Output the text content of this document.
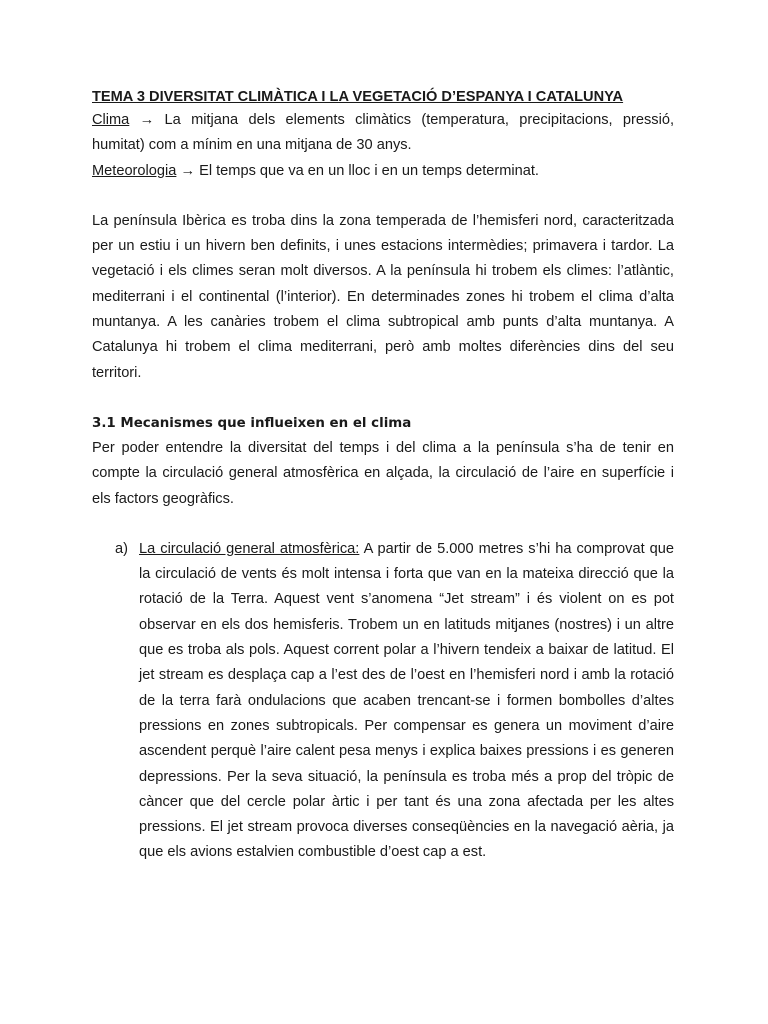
TEMA 3 DIVERSITAT CLIMÀTICA I LA VEGETACIÓ D’ESPANYA I CATALUNYA

Clima → La mitjana dels elements climàtics (temperatura, precipitacions, pressió, humitat) com a mínim en una mitjana de 30 anys.

Meteorologia → El temps que va en un lloc i en un temps determinat.

La península Ibèrica es troba dins la zona temperada de l’hemisferi nord, caracteritzada per un estiu i un hivern ben definits, i unes estacions intermèdies; primavera i tardor. La vegetació i els climes seran molt diversos. A la península hi trobem els climes: l’atlàntic, mediterrani i el continental (l’interior). En determinades zones hi trobem el clima d’alta muntanya. A les canàries trobem el clima subtropical amb punts d’alta muntanya. A Catalunya hi trobem el clima mediterrani, però amb moltes diferències dins del seu territori.

3.1 Mecanismes que influeixen en el clima

Per poder entendre la diversitat del temps i del clima a la península s’ha de tenir en compte la circulació general atmosfèrica en alçada, la circulació de l’aire en superfície i els factors geogràfics.

a) La circulació general atmosfèrica: A partir de 5.000 metres s’hi ha comprovat que la circulació de vents és molt intensa i forta que van en la mateixa direcció que la rotació de la Terra. Aquest vent s’anomena “Jet stream” i és violent on es pot observar en els dos hemisferis. Trobem un en latituds mitjanes (nostres) i un altre que es troba als pols. Aquest corrent polar a l’hivern tendeix a baixar de latitud. El jet stream es desplaça cap a l’est des de l’oest en l’hemisferi nord i amb la rotació de la terra farà ondulacions que acaben trencant-se i formen bombolles d’altes pressions en zones subtropicals. Per compensar es genera un moviment d’aire ascendent perquè l’aire calent pesa menys i explica baixes pressions i es generen depressions. Per la seva situació, la península es troba més a prop del tròpic de càncer que del cercle polar àrtic i per tant és una zona afectada per les altes pressions. El jet stream provoca diverses conseqüències en la navegació aèria, ja que els avions estalvien combustible d’oest cap a est.
